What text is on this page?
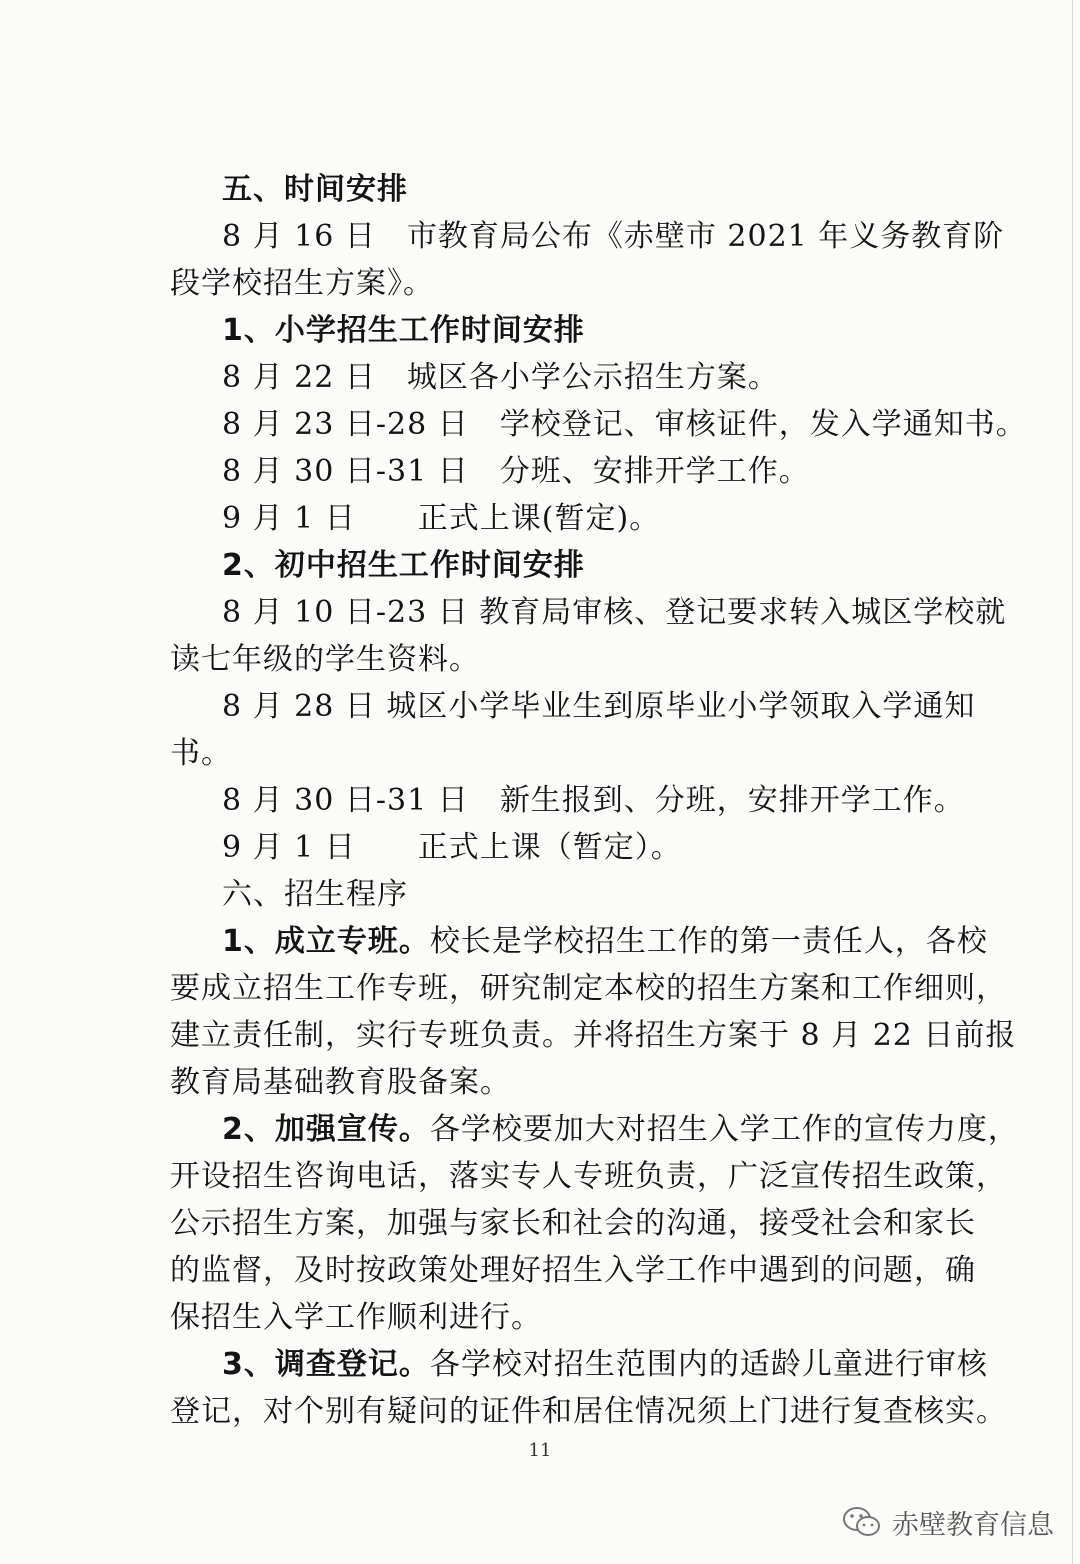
五、时间安排
8 月 16 日　市教育局公布《赤壁市 2021 年义务教育阶
段学校招生方案》。
1、小学招生工作时间安排
8 月 22 日　城区各小学公示招生方案。
8 月 23 日-28 日　学校登记、审核证件，发入学通知书。
8 月 30 日-31 日　分班、安排开学工作。
9 月 1 日　　正式上课(暂定)。
2、初中招生工作时间安排
8 月 10 日-23 日 教育局审核、登记要求转入城区学校就
读七年级的学生资料。
8 月 28 日 城区小学毕业生到原毕业小学领取入学通知
书。
8 月 30 日-31 日　新生报到、分班，安排开学工作。
9 月 1 日　　正式上课（暂定）。
六、招生程序
1、成立专班。校长是学校招生工作的第一责任人，各校
要成立招生工作专班，研究制定本校的招生方案和工作细则，
建立责任制，实行专班负责。并将招生方案于 8 月 22 日前报
教育局基础教育股备案。
2、加强宣传。各学校要加大对招生入学工作的宣传力度，
开设招生咨询电话，落实专人专班负责，广泛宣传招生政策，
公示招生方案，加强与家长和社会的沟通，接受社会和家长
的监督，及时按政策处理好招生入学工作中遇到的问题，确
保招生入学工作顺利进行。
3、调查登记。各学校对招生范围内的适龄儿童进行审核
登记，对个别有疑问的证件和居住情况须上门进行复查核实。
11
赤壁教育信息
